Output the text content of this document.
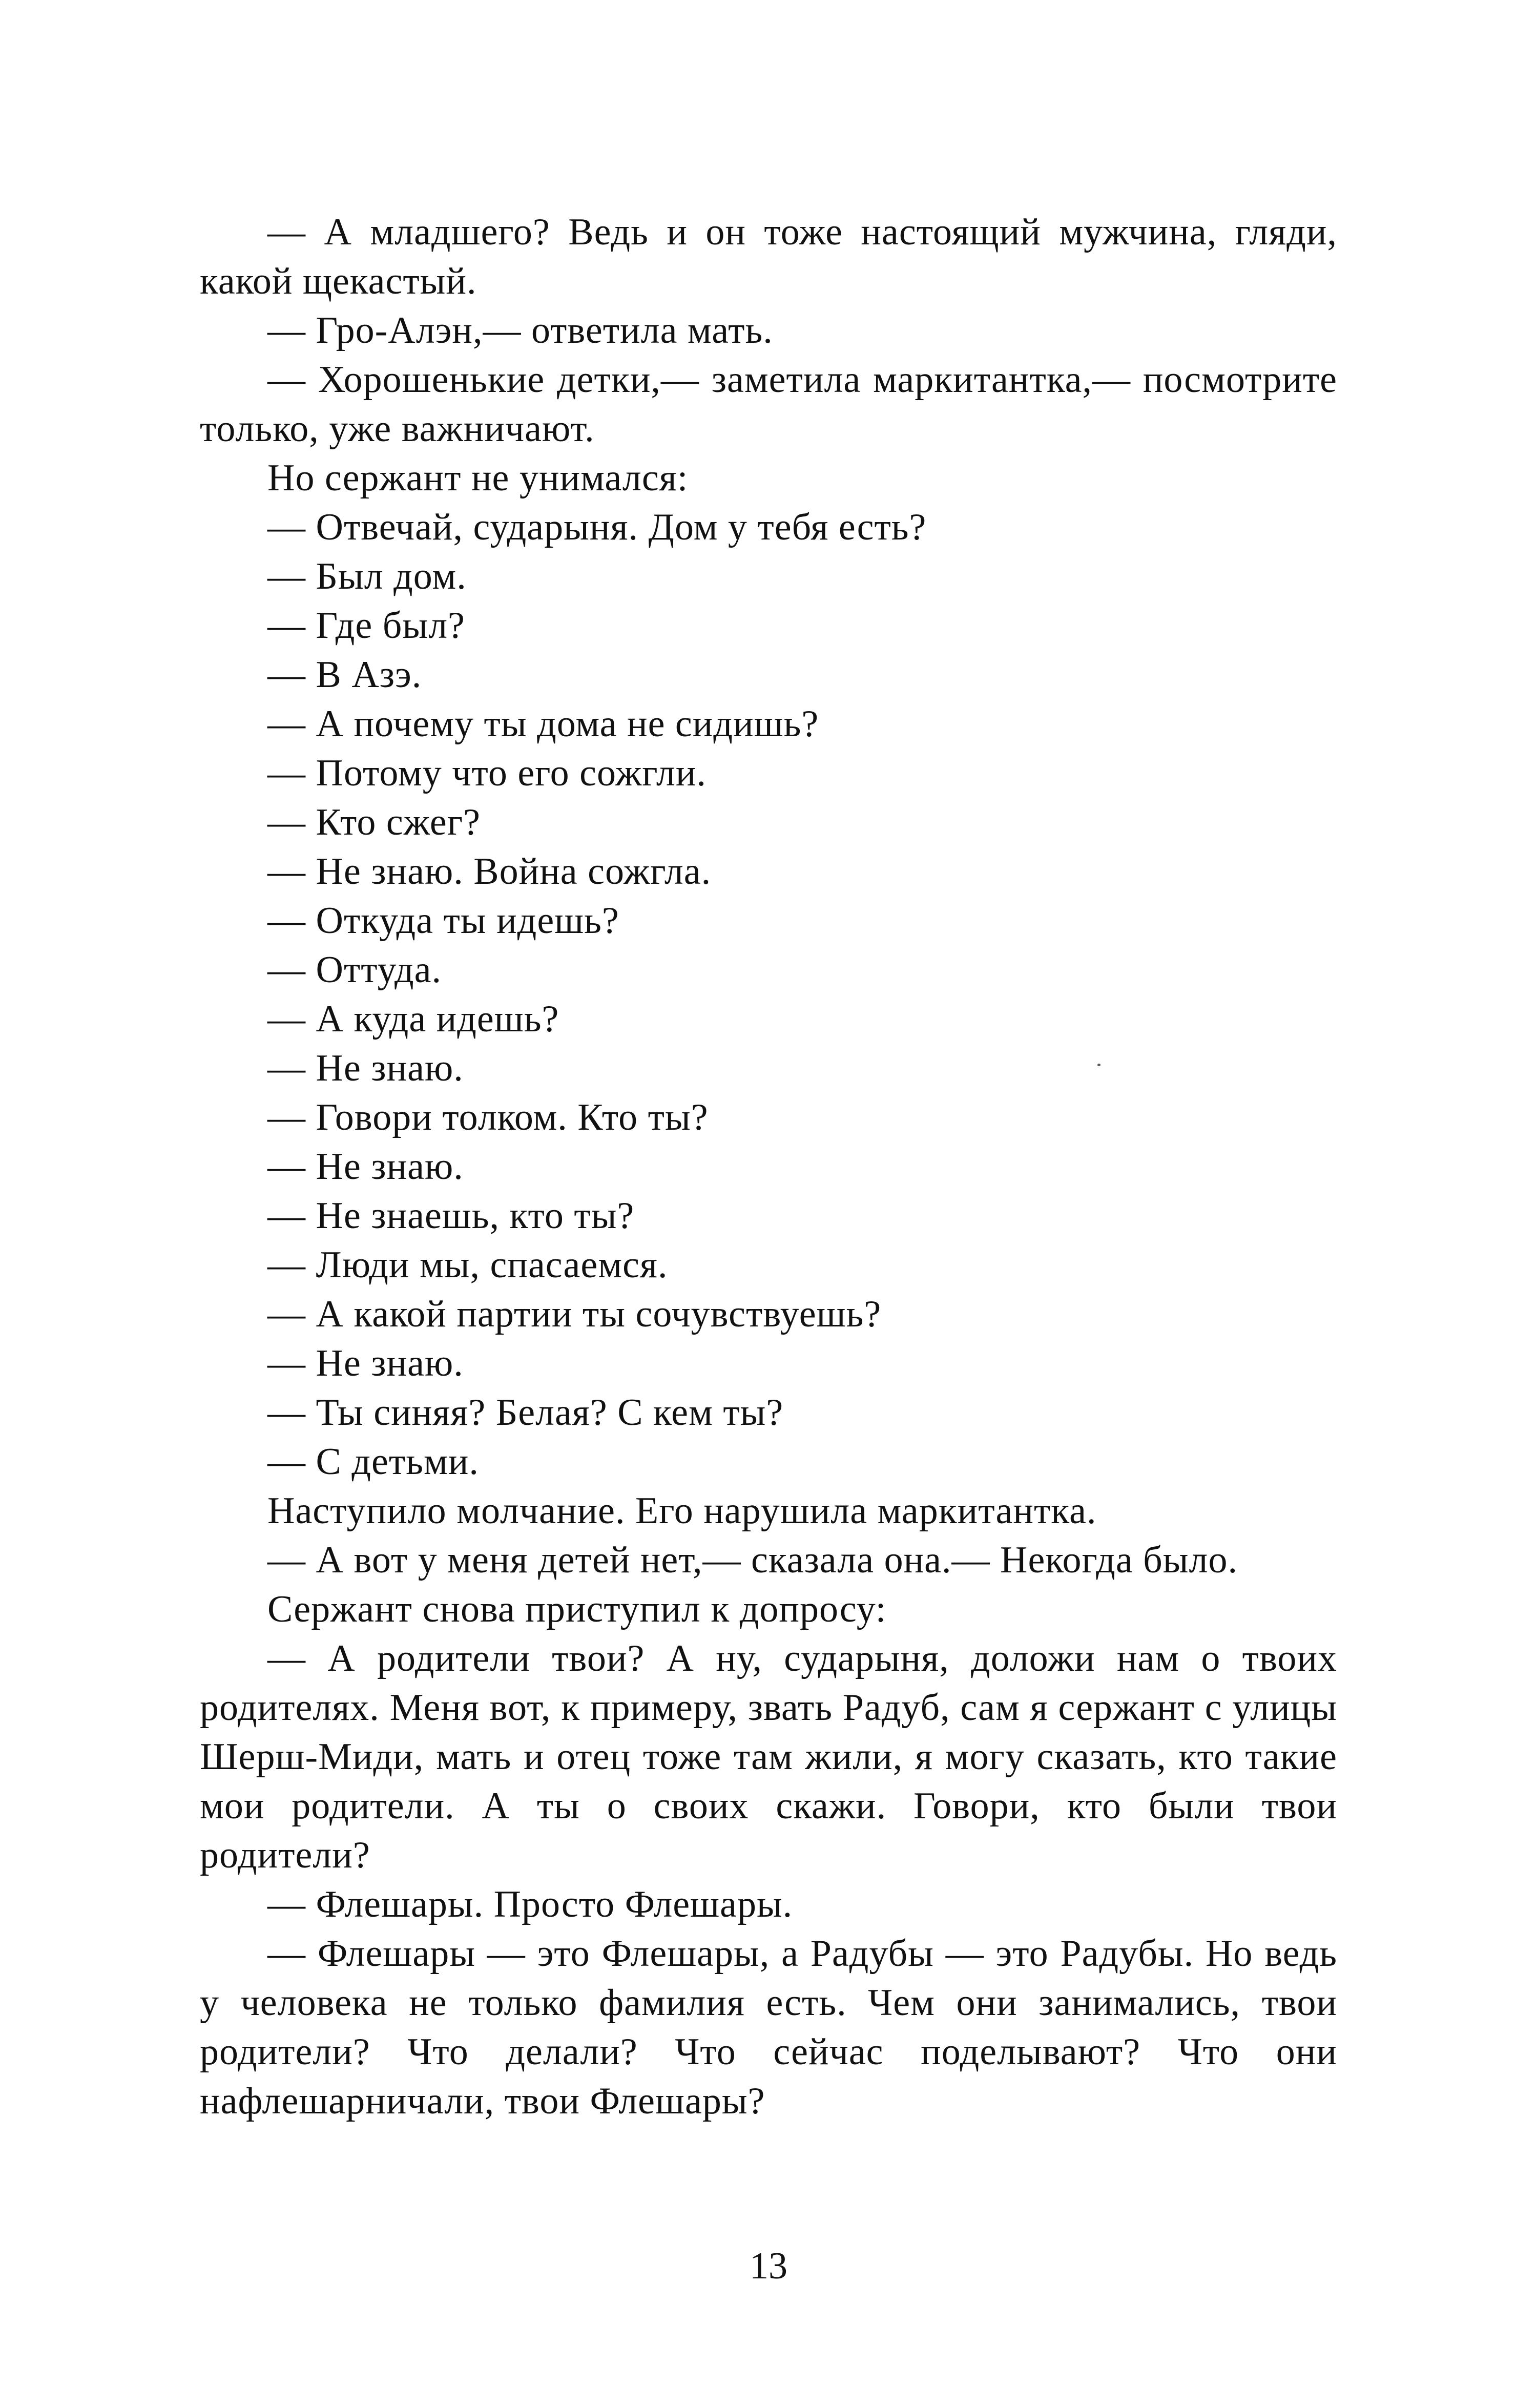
— А младшего? Ведь и он тоже настоящий мужчина, гляди, какой щекастый.

— Гро-Алэн,— ответила мать.

— Хорошенькие детки,— заметила маркитантка,— посмотрите только, уже важничают.

Но сержант не унимался:

— Отвечай, сударыня. Дом у тебя есть?

— Был дом.

— Где был?

— В Азэ.

— А почему ты дома не сидишь?

— Потому что его сожгли.

— Кто сжег?

— Не знаю. Война сожгла.

— Откуда ты идешь?

— Оттуда.

— А куда идешь?

— Не знаю.

— Говори толком. Кто ты?

— Не знаю.

— Не знаешь, кто ты?

— Люди мы, спасаемся.

— А какой партии ты сочувствуешь?

— Не знаю.

— Ты синяя? Белая? С кем ты?

— С детьми.

Наступило молчание. Его нарушила маркитантка.

— А вот у меня детей нет,— сказала она.— Некогда было.

Сержант снова приступил к допросу:

— А родители твои? А ну, сударыня, доложи нам о твоих родителях. Меня вот, к примеру, звать Радуб, сам я сержант с улицы Шерш-Миди, мать и отец тоже там жили, я могу сказать, кто такие мои родители. А ты о своих скажи. Говори, кто были твои родители?

— Флешары. Просто Флешары.

— Флешары — это Флешары, а Радубы — это Радубы. Но ведь у человека не только фамилия есть. Чем они занимались, твои родители? Что делали? Что сейчас поделывают? Что они нафлешарничали, твои Флешары?

13
